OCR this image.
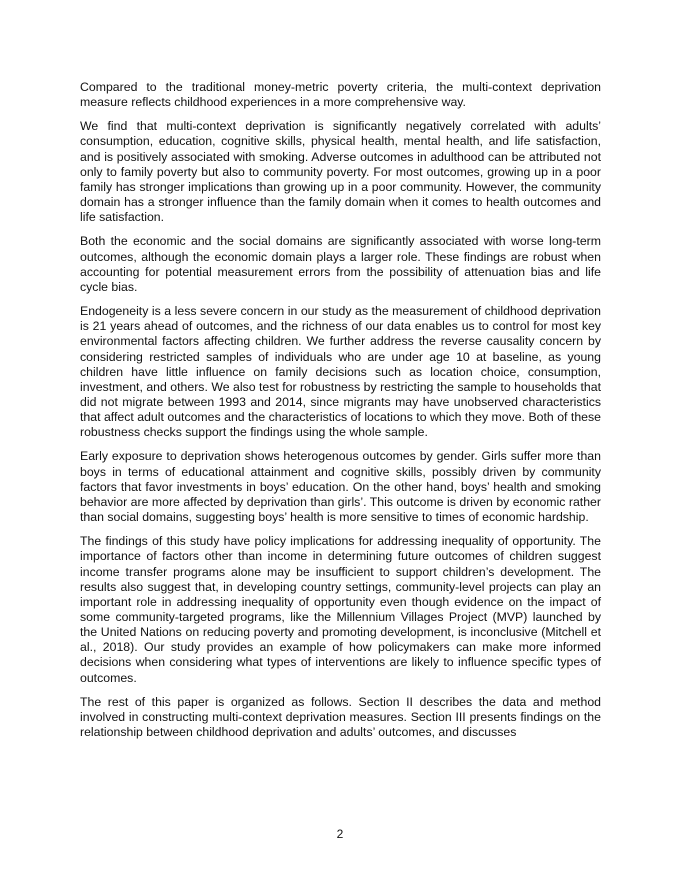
Compared to the traditional money-metric poverty criteria, the multi-context deprivation measure reflects childhood experiences in a more comprehensive way.

We find that multi-context deprivation is significantly negatively correlated with adults’ consumption, education, cognitive skills, physical health, mental health, and life satisfaction, and is positively associated with smoking. Adverse outcomes in adulthood can be attributed not only to family poverty but also to community poverty. For most outcomes, growing up in a poor family has stronger implications than growing up in a poor community. However, the community domain has a stronger influence than the family domain when it comes to health outcomes and life satisfaction.

Both the economic and the social domains are significantly associated with worse long-term outcomes, although the economic domain plays a larger role. These findings are robust when accounting for potential measurement errors from the possibility of attenuation bias and life cycle bias.

Endogeneity is a less severe concern in our study as the measurement of childhood deprivation is 21 years ahead of outcomes, and the richness of our data enables us to control for most key environmental factors affecting children. We further address the reverse causality concern by considering restricted samples of individuals who are under age 10 at baseline, as young children have little influence on family decisions such as location choice, consumption, investment, and others. We also test for robustness by restricting the sample to households that did not migrate between 1993 and 2014, since migrants may have unobserved characteristics that affect adult outcomes and the characteristics of locations to which they move. Both of these robustness checks support the findings using the whole sample.

Early exposure to deprivation shows heterogenous outcomes by gender. Girls suffer more than boys in terms of educational attainment and cognitive skills, possibly driven by community factors that favor investments in boys’ education. On the other hand, boys’ health and smoking behavior are more affected by deprivation than girls’. This outcome is driven by economic rather than social domains, suggesting boys’ health is more sensitive to times of economic hardship.

The findings of this study have policy implications for addressing inequality of opportunity. The importance of factors other than income in determining future outcomes of children suggest income transfer programs alone may be insufficient to support children’s development. The results also suggest that, in developing country settings, community-level projects can play an important role in addressing inequality of opportunity even though evidence on the impact of some community-targeted programs, like the Millennium Villages Project (MVP) launched by the United Nations on reducing poverty and promoting development, is inconclusive (Mitchell et al., 2018). Our study provides an example of how policymakers can make more informed decisions when considering what types of interventions are likely to influence specific types of outcomes.

The rest of this paper is organized as follows. Section II describes the data and method involved in constructing multi-context deprivation measures. Section III presents findings on the relationship between childhood deprivation and adults’ outcomes, and discusses

2
